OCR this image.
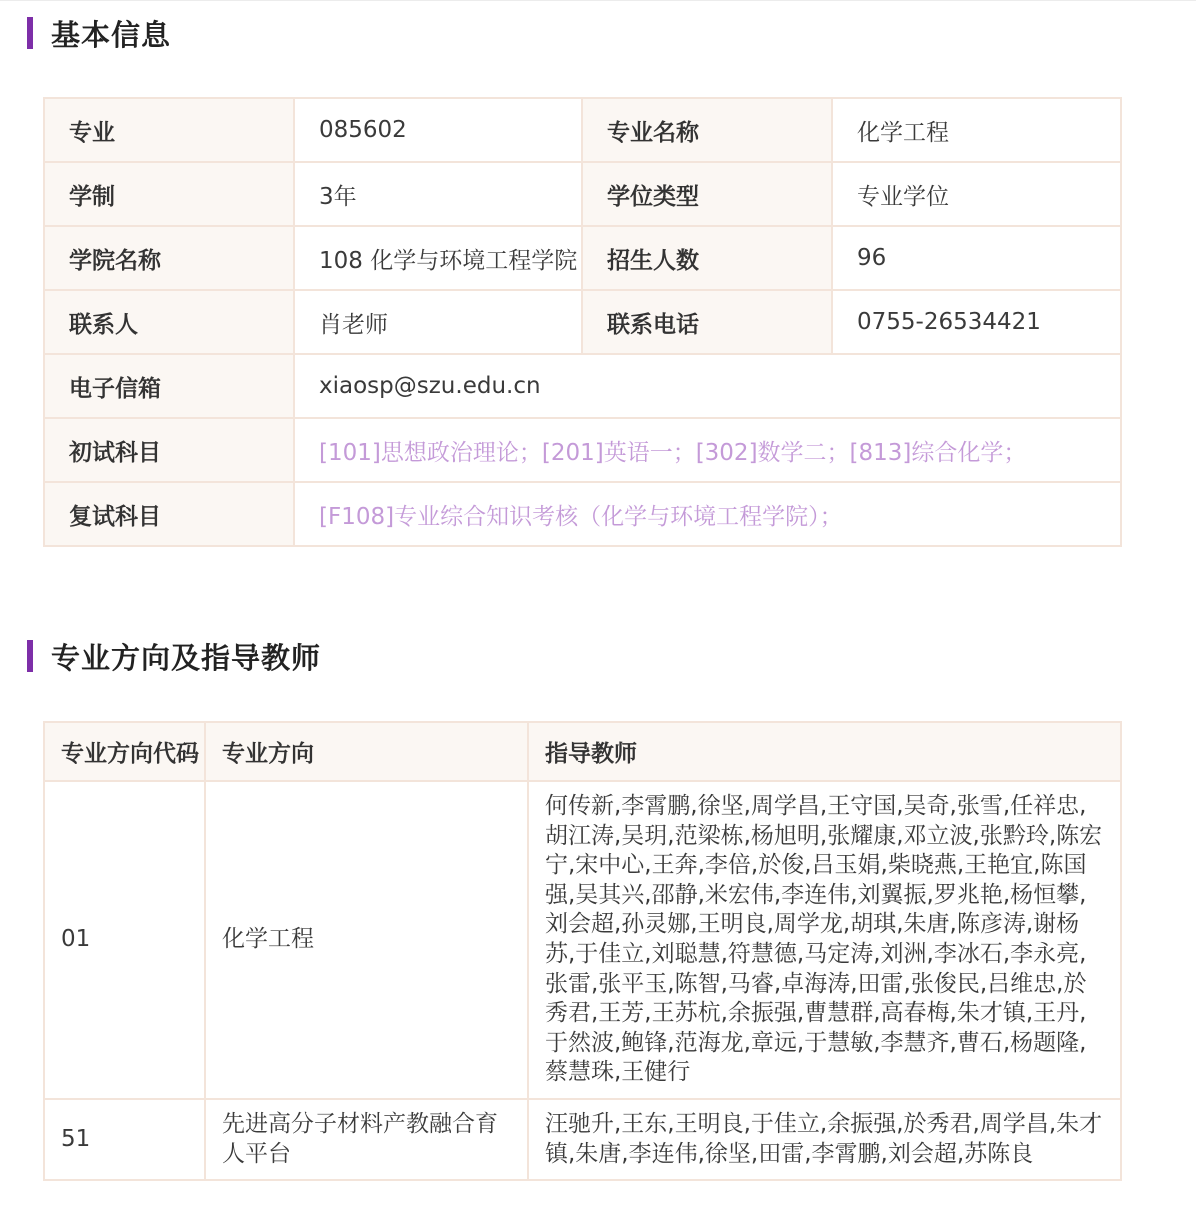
基本信息
专业	085602	专业名称	化学工程
学制	3年	学位类型	专业学位
学院名称	108 化学与环境工程学院	招生人数	96
联系人	肖老师	联系电话	0755-26534421
电子信箱	xiaosp@szu.edu.cn		
初试科目	[101]思想政治理论；[201]英语一；[302]数学二；[813]综合化学；		
复试科目	[F108]专业综合知识考核（化学与环境工程学院）；		
专业方向及指导教师
专业方向代码	专业方向	指导教师
01	化学工程	何传新,李霄鹏,徐坚,周学昌,王守国,吴奇,张雪,任祥忠,胡江涛,吴玥,范梁栋,杨旭明,张耀康,邓立波,张黔玲,陈宏宁,宋中心,王奔,李倍,於俊,吕玉娟,柴晓燕,王艳宜,陈国强,吴其兴,邵静,米宏伟,李连伟,刘翼振,罗兆艳,杨恒攀,刘会超,孙灵娜,王明良,周学龙,胡琪,朱唐,陈彦涛,谢杨苏,于佳立,刘聪慧,符慧德,马定涛,刘洲,李冰石,李永亮,张雷,张平玉,陈智,马睿,卓海涛,田雷,张俊民,吕维忠,於秀君,王芳,王苏杭,余振强,曹慧群,高春梅,朱才镇,王丹,于然波,鲍锋,范海龙,章远,于慧敏,李慧齐,曹石,杨题隆,蔡慧珠,王健行
51	先进高分子材料产教融合育人平台	汪驰升,王东,王明良,于佳立,余振强,於秀君,周学昌,朱才镇,朱唐,李连伟,徐坚,田雷,李霄鹏,刘会超,苏陈良
